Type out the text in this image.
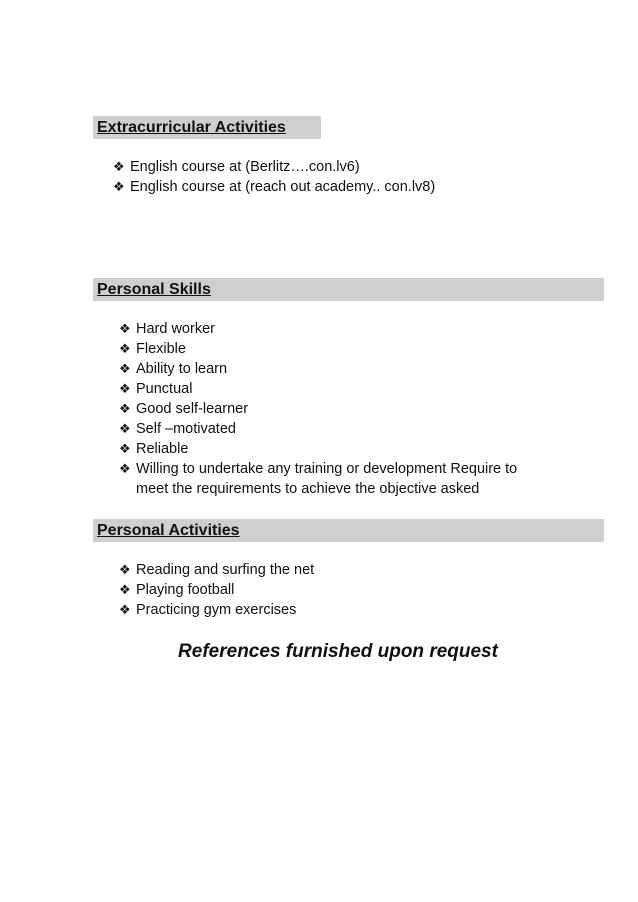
Extracurricular Activities
❖ English course at (Berlitz….con.lv6)
❖ English course at (reach out academy.. con.lv8)
Personal Skills
❖ Hard worker
❖ Flexible
❖ Ability to learn
❖ Punctual
❖ Good self-learner
❖ Self –motivated
❖ Reliable
❖ Willing to undertake any training or development Require to meet the requirements to achieve the objective asked
Personal Activities
❖ Reading and surfing the net
❖ Playing football
❖ Practicing gym exercises
References furnished upon request
